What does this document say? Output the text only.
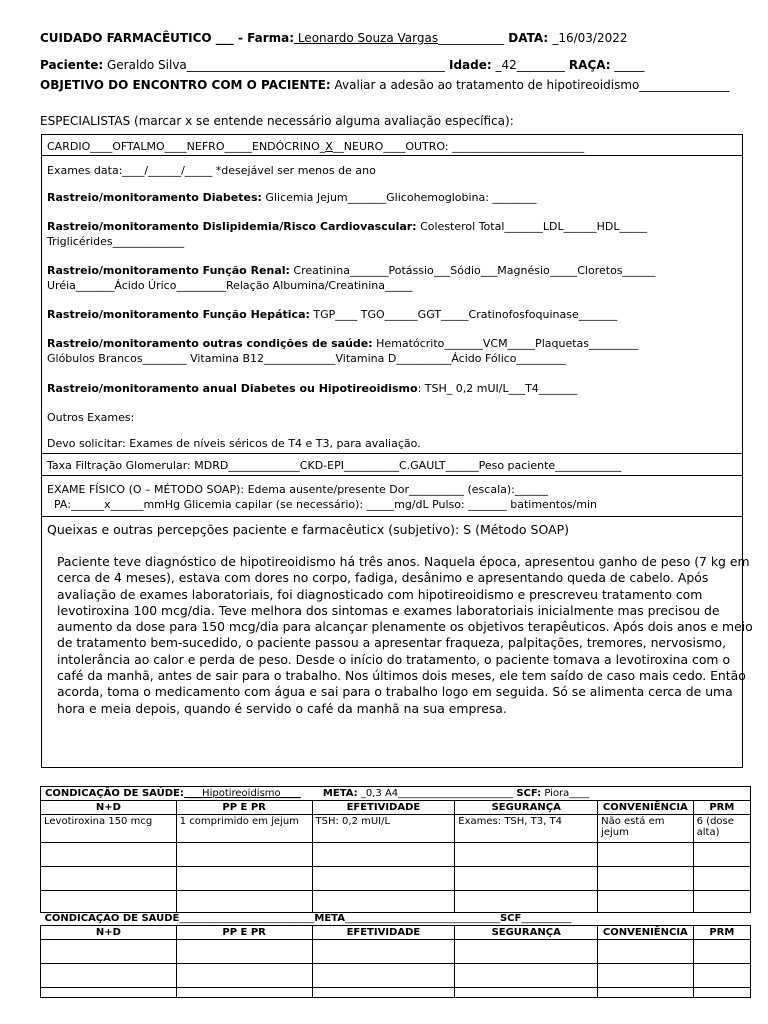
CUIDADO FARMACÊUTICO ___ - Farma: Leonardo Souza Vargas___________ DATA: _16/03/2022
Paciente: Geraldo Silva___________________________________________ Idade: _42________ RAÇA: _____
OBJETIVO DO ENCONTRO COM O PACIENTE: Avaliar a adesão ao tratamento de hipotireoidismo_______________
ESPECIALISTAS (marcar x se entende necessário alguma avaliação específica):
CARDIO____OFTALMO____NEFRO_____ENDÓCRINO_X__NEURO____OUTRO: ________________________
Exames data:____/______/_____ *desejável ser menos de ano
Rastreio/monitoramento Diabetes: Glicemia Jejum_______Glicohemoglobina: ________
Rastreio/monitoramento Dislipidemia/Risco Cardiovascular: Colesterol Total_______LDL______HDL_____
Triglicérides_____________
Rastreio/monitoramento Função Renal: Creatinina_______Potássio___Sódio___Magnésio_____Cloretos______
Uréia_______Ácido Úrico_________Relação Albumina/Creatinina_____
Rastreio/monitoramento Função Hepática: TGP____ TGO______GGT_____Cratinofosfoquinase_______
Rastreio/monitoramento outras condições de saúde: Hematócrito_______VCM_____Plaquetas_________
Glóbulos Brancos________ Vitamina B12_____________Vitamina D__________Ácido Fólico_________
Rastreio/monitoramento anual Diabetes ou Hipotireoidismo: TSH_ 0,2 mUI/L___T4_______
Outros Exames:
Devo solicitar: Exames de níveis séricos de T4 e T3, para avaliação.
Taxa Filtração Glomerular: MDRD_____________CKD-EPI__________C.GAULT______Peso paciente____________
EXAME FÍSICO (O – MÉTODO SOAP): Edema ausente/presente Dor__________ (escala):______
PA:______x______mmHg Glicemia capilar (se necessário): _____mg/dL Pulso: _______ batimentos/min
Queixas e outras percepções paciente e farmacêuticx (subjetivo): S (Método SOAP)
Paciente teve diagnóstico de hipotireoidismo há três anos. Naquela época, apresentou ganho de peso (7 kg em cerca de 4 meses), estava com dores no corpo, fadiga, desânimo e apresentando queda de cabelo. Após avaliação de exames laboratoriais, foi diagnosticado com hipotireoidismo e prescreveu tratamento com levotiroxina 100 mcg/dia. Teve melhora dos sintomas e exames laboratoriais inicialmente mas precisou de aumento da dose para 150 mcg/dia para alcançar plenamente os objetivos terapêuticos. Após dois anos e meio de tratamento bem-sucedido, o paciente passou a apresentar fraqueza, palpitações, tremores, nervosismo, intolerância ao calor e perda de peso. Desde o início do tratamento, o paciente tomava a levotiroxina com o café da manhã, antes de sair para o trabalho. Nos últimos dois meses, ele tem saído de caso mais cedo. Então acorda, toma o medicamento com água e sai para o trabalho logo em seguida. Só se alimenta cerca de uma hora e meia depois, quando é servido o café da manhã na sua empresa.
CONDICAÇÃO DE SAÚDE: ___Hipotireoidismo____ META: _0,3 A4_______________________ SCF: Piora____					
N+D	PP E PR	EFETIVIDADE	SEGURANÇA	CONVENIÊNCIA	PRM
Levotiroxina 150 mcg	1 comprimido em jejum	TSH: 0,2 mUI/L	Exames: TSH, T3, T4	Não está em jejum	6 (dose alta)

CONDICAÇÃO DE SAUDE___________________________META_______________________________SCF__________					
N+D	PP E PR	EFETIVIDADE	SEGURANÇA	CONVENIÊNCIA	PRM
